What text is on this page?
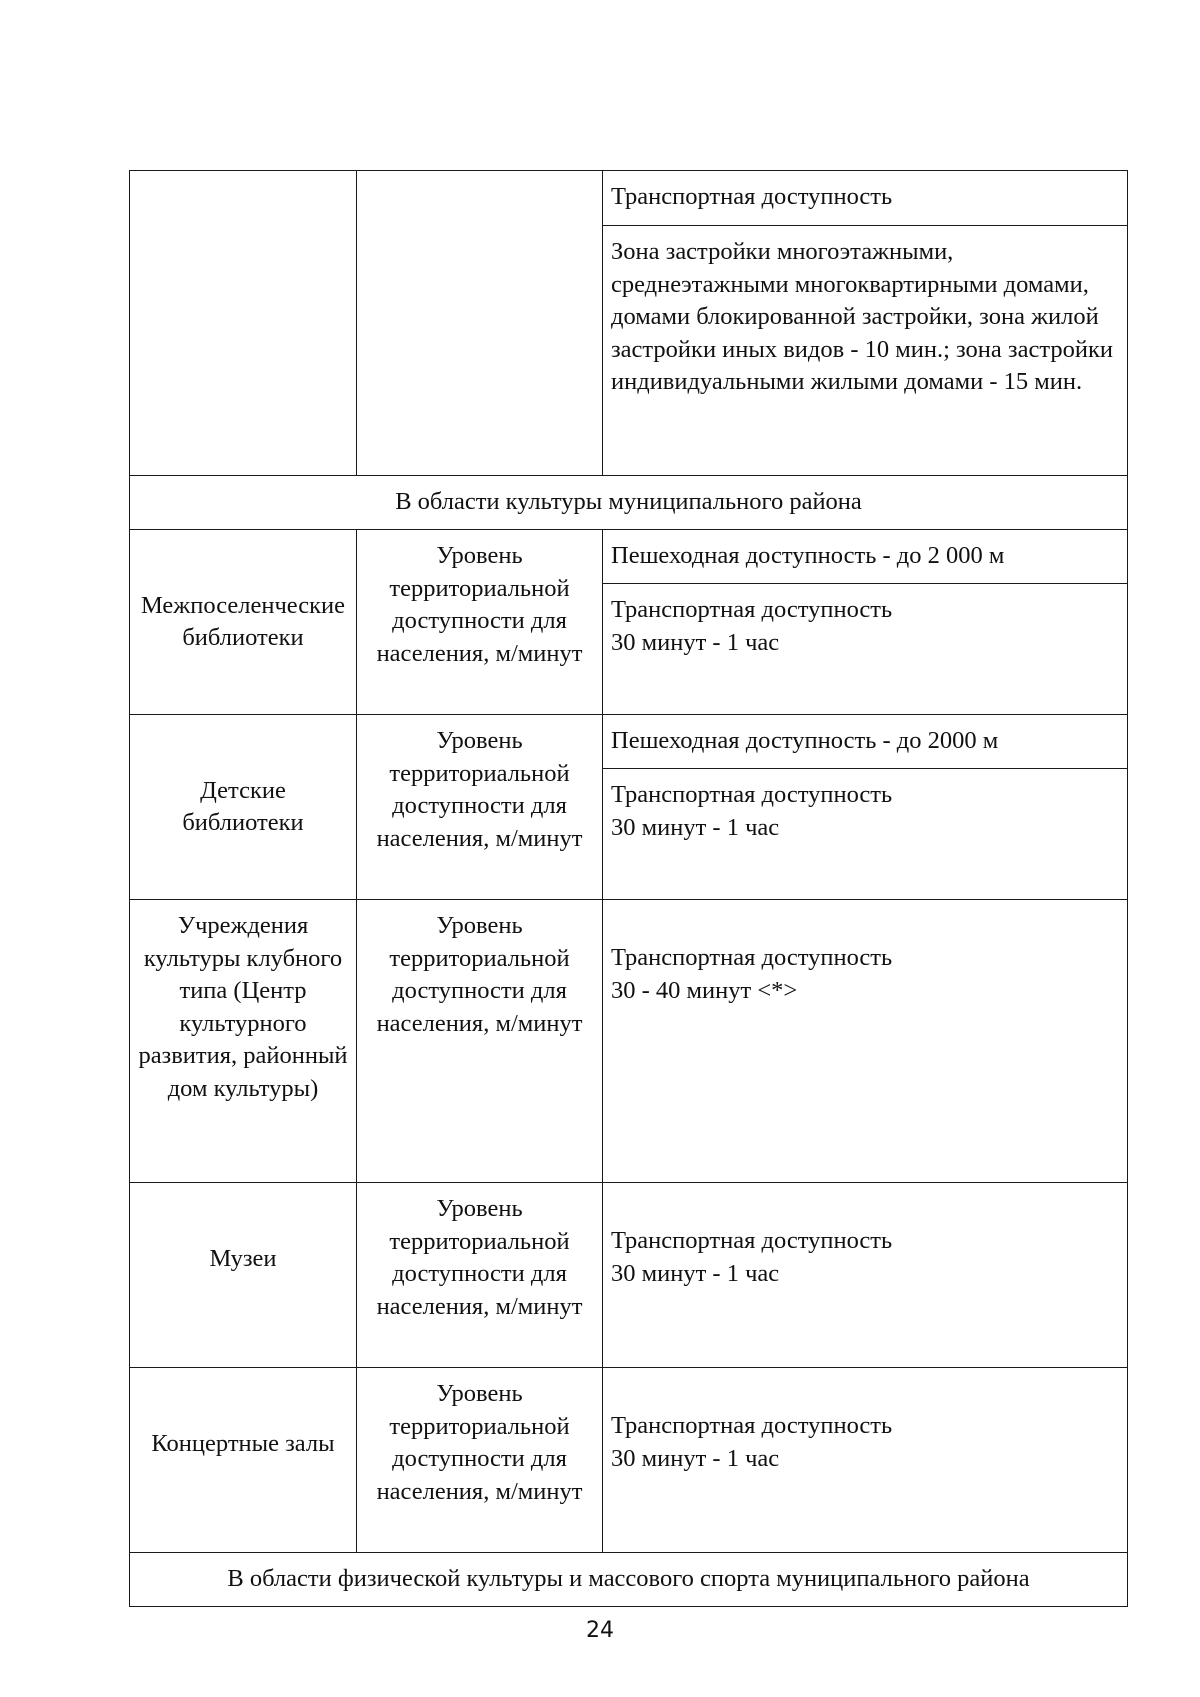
		Транспортная доступность
		Зона застройки многоэтажными, среднеэтажными многоквартирными домами, домами блокированной застройки, зона жилой застройки иных видов - 10 мин.; зона застройки индивидуальными жилыми домами - 15 мин.
В области культуры муниципального района		
Межпоселенческие библиотеки	Уровень территориальной доступности для населения, м/минут	Пешеходная доступность - до 2 000 м

		Транспортная доступность
30 минут - 1 час

Детские библиотеки	Уровень территориальной доступности для населения, м/минут	Пешеходная доступность - до 2000 м

		Транспортная доступность
30 минут - 1 час

Учреждения культуры клубного типа (Центр культурного развития, районный дом культуры)	Уровень территориальной доступности для населения, м/минут	Транспортная доступность
30 - 40 минут <*>

Музеи	Уровень территориальной доступности для населения, м/минут	Транспортная доступность
30 минут - 1 час

Концертные залы	Уровень территориальной доступности для населения, м/минут	Транспортная доступность
30 минут - 1 час

В области физической культуры и массового спорта муниципального района		
24
